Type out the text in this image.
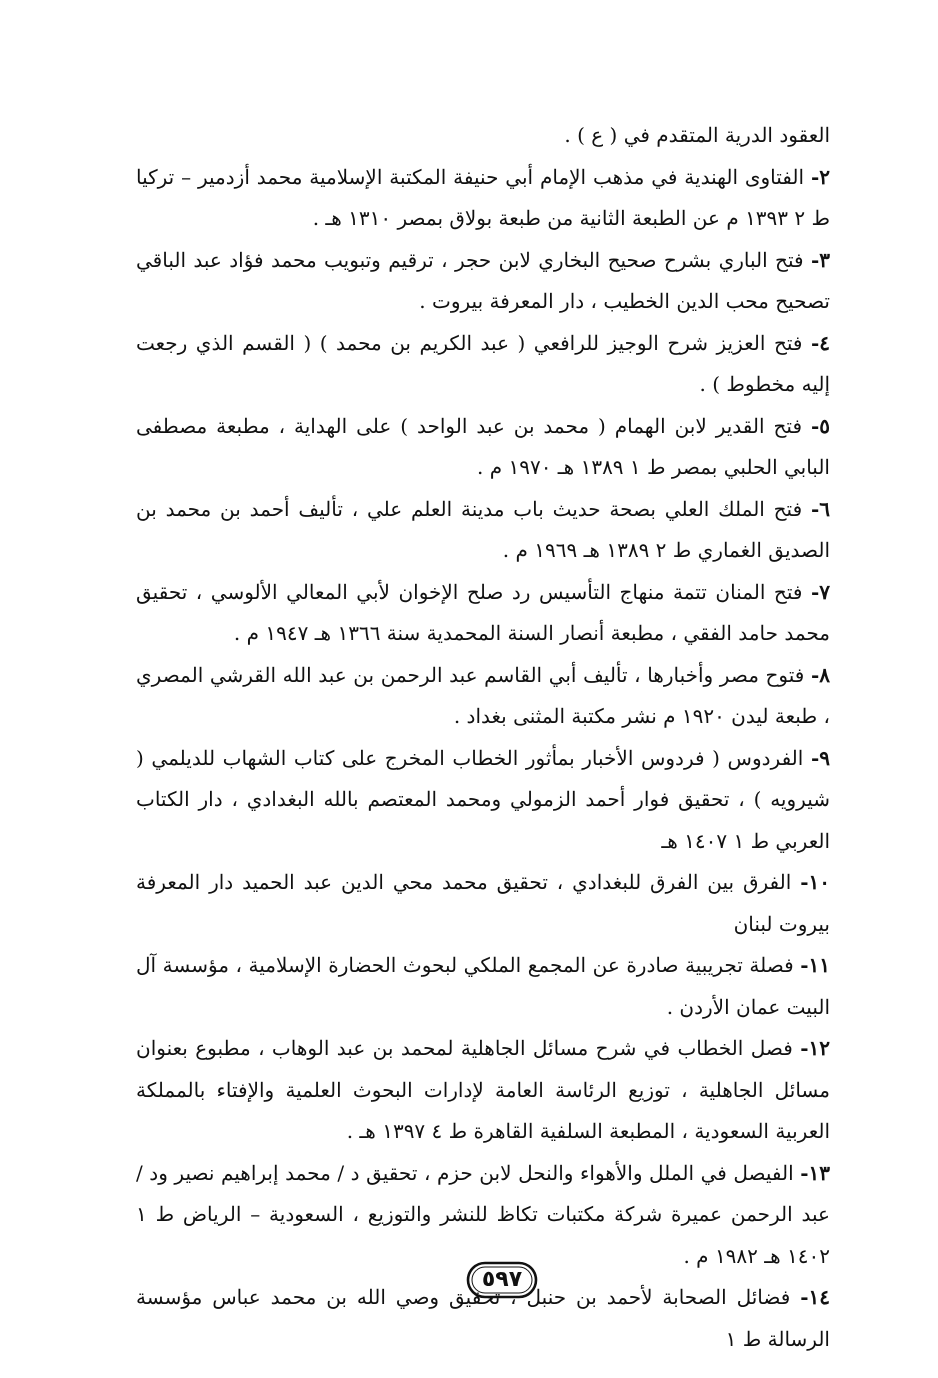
العقود الدرية المتقدم في ( ع ) .

٢- الفتاوى الهندية في مذهب الإمام أبي حنيفة المكتبة الإسلامية محمد أزدمير – تركيا ط ٢ ١٣٩٣ م عن الطبعة الثانية من طبعة بولاق بمصر ١٣١٠ هـ .

٣- فتح الباري بشرح صحيح البخاري لابن حجر ، ترقيم وتبويب محمد فؤاد عبد الباقي تصحيح محب الدين الخطيب ، دار المعرفة بيروت .

٤- فتح العزيز شرح الوجيز للرافعي ( عبد الكريم بن محمد ) ( القسم الذي رجعت إليه مخطوط ) .

٥- فتح القدير لابن الهمام ( محمد بن عبد الواحد ) على الهداية ، مطبعة مصطفى البابي الحلبي بمصر ط ١ ١٣٨٩ هـ ١٩٧٠ م .

٦- فتح الملك العلي بصحة حديث باب مدينة العلم علي ، تأليف أحمد بن محمد بن الصديق الغماري ط ٢ ١٣٨٩ هـ ١٩٦٩ م .

٧- فتح المنان تتمة منهاج التأسيس رد صلح الإخوان لأبي المعالي الألوسي ، تحقيق محمد حامد الفقي ، مطبعة أنصار السنة المحمدية سنة ١٣٦٦ هـ ١٩٤٧ م .

٨- فتوح مصر وأخبارها ، تأليف أبي القاسم عبد الرحمن بن عبد الله القرشي المصري ، طبعة ليدن ١٩٢٠ م نشر مكتبة المثنى بغداد .

٩- الفردوس ( فردوس الأخبار بمأثور الخطاب المخرج على كتاب الشهاب للديلمي ( شيرويه ) ، تحقيق فوار أحمد الزمولي ومحمد المعتصم بالله البغدادي ، دار الكتاب العربي ط ١ ١٤٠٧ هـ

١٠- الفرق بين الفرق للبغدادي ، تحقيق محمد محي الدين عبد الحميد دار المعرفة بيروت لبنان

١١- فصلة تجريبية صادرة عن المجمع الملكي لبحوث الحضارة الإسلامية ، مؤسسة آل البيت عمان الأردن .

١٢- فصل الخطاب في شرح مسائل الجاهلية لمحمد بن عبد الوهاب ، مطبوع بعنوان مسائل الجاهلية ، توزيع الرئاسة العامة لإدارات البحوث العلمية والإفتاء بالمملكة العربية السعودية ، المطبعة السلفية القاهرة ط ٤ ١٣٩٧ هـ .

١٣- الفيصل في الملل والأهواء والنحل لابن حزم ، تحقيق د / محمد إبراهيم نصير ود / عبد الرحمن عميرة شركة مكتبات تكاظ للنشر والتوزيع ، السعودية – الرياض ط ١ ١٤٠٢ هـ ١٩٨٢ م .

١٤- فضائل الصحابة لأحمد بن حنبل ، تحقيق وصي الله بن محمد عباس مؤسسة الرسالة ط ١

٥٩٧
